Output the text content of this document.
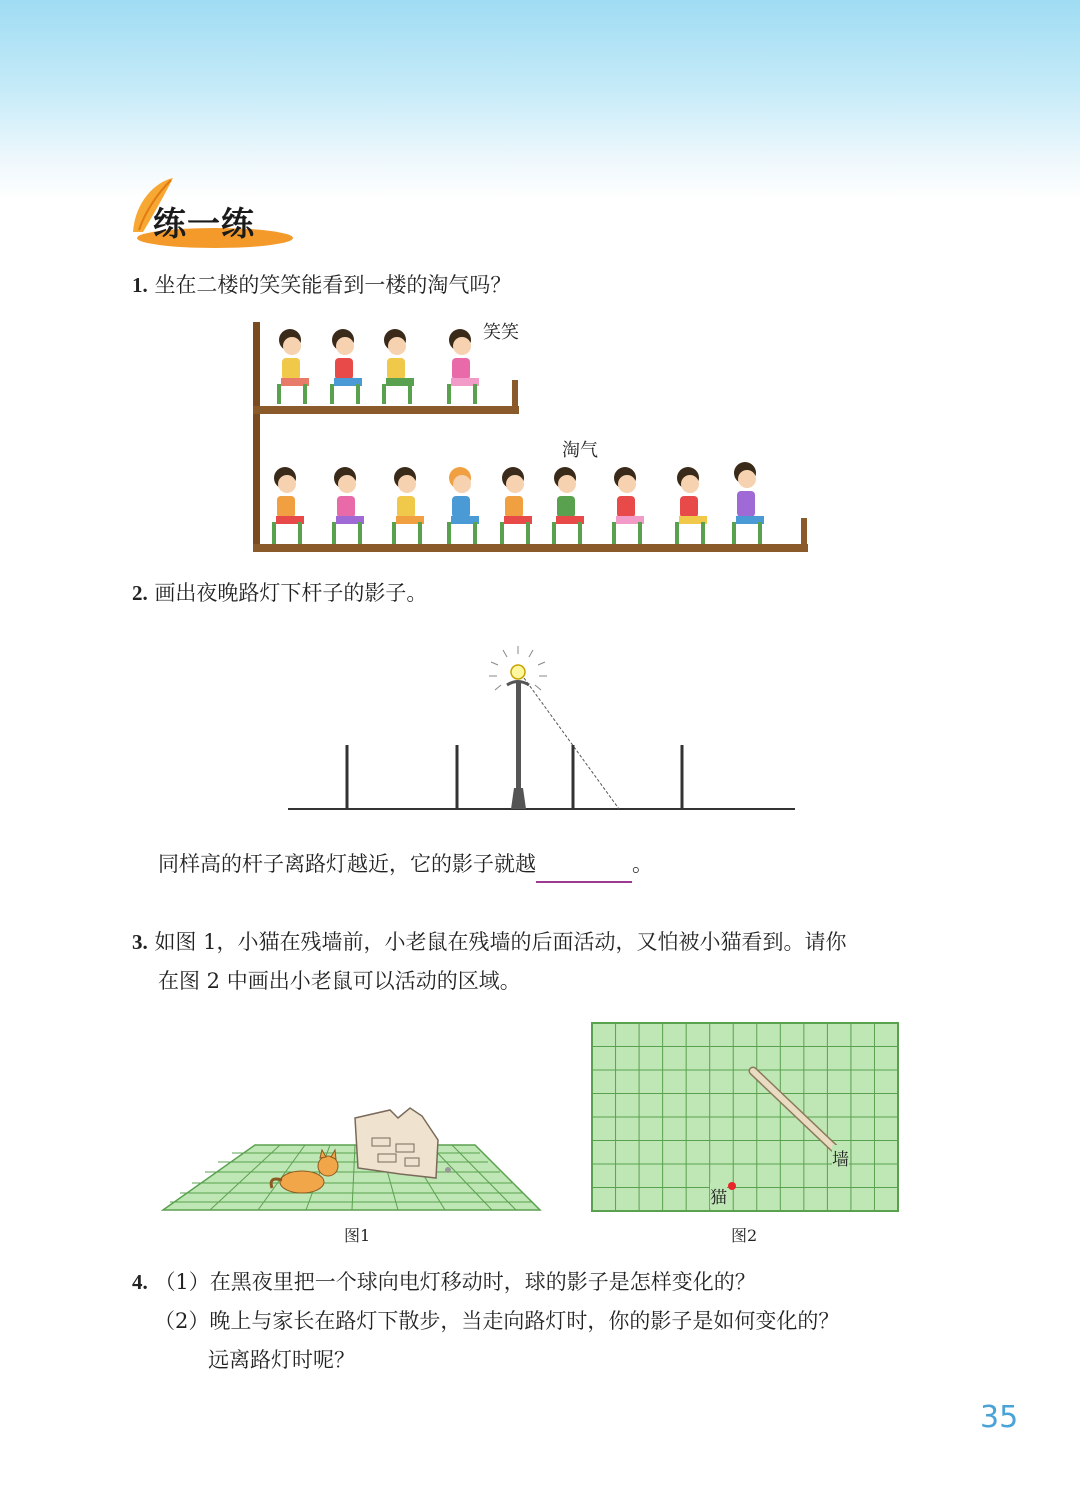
练一练
1. 坐在二楼的笑笑能看到一楼的淘气吗？
笑笑
淘气
2. 画出夜晚路灯下杆子的影子。
同样高的杆子离路灯越近，它的影子就越	。
3. 如图 1，小猫在残墙前，小老鼠在残墙的后面活动，又怕被小猫看到。请你
在图 2 中画出小老鼠可以活动的区域。
图1
猫
墙
图2
4. （1）在黑夜里把一个球向电灯移动时，球的影子是怎样变化的？
（2）晚上与家长在路灯下散步，当走向路灯时，你的影子是如何变化的？
远离路灯时呢？
35
